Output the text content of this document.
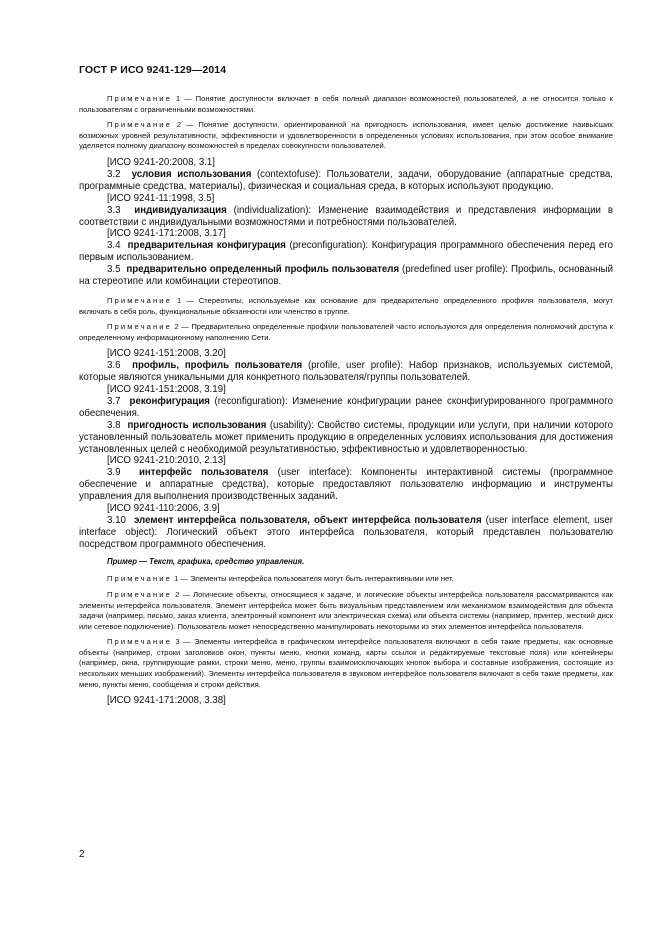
ГОСТ Р ИСО 9241-129—2014

Примечание 1 — Понятие доступности включает в себя полный диапазон возможностей пользователей, а не относится только к пользователям с ограниченными возможностями.

Примечание 2 — Понятие доступности, ориентированной на пригодность использования, имеет целью достижение наивысших возможных уровней результативности, эффективности и удовлетворенности в определенных условиях использования, при этом особое внимание уделяется полному диапазону возможностей в пределах совокупности пользователей.

[ИСО 9241-20:2008, 3.1]

3.2 условия использования (contextofuse): Пользователи, задачи, оборудование (аппаратные средства, программные средства, материалы), физическая и социальная среда, в которых используют продукцию.

[ИСО 9241-11:1998, 3.5]

3.3 индивидуализация (individualization): Изменение взаимодействия и представления информации в соответствии с индивидуальными возможностями и потребностями пользователей.

[ИСО 9241-171:2008, 3.17]

3.4 предварительная конфигурация (preconfiguration): Конфигурация программного обеспечения перед его первым использованием.

3.5 предварительно определенный профиль пользователя (predefined user profile): Профиль, основанный на стереотипе или комбинации стереотипов.

Примечание 1 — Стереотипы, используемые как основание для предварительно определенного профиля пользователя, могут включать в себя роль, функциональные обязанности или членство в группе.

Примечание 2 — Предварительно определенные профили пользователей часто используются для определения полномочий доступа к определенному информационному наполнению Сети.

[ИСО 9241-151:2008, 3.20]

3.6 профиль, профиль пользователя (profile, user profile): Набор признаков, используемых системой, которые являются уникальными для конкретного пользователя/группы пользователей.

[ИСО 9241-151:2008, 3.19]

3.7 реконфигурация (reconfiguration): Изменение конфигурации ранее сконфигурированного программного обеспечения.

3.8 пригодность использования (usability): Свойство системы, продукции или услуги, при наличии которого установленный пользователь может применить продукцию в определенных условиях использования для достижения установленных целей с необходимой результативностью, эффективностью и удовлетворенностью.

[ИСО 9241-210:2010, 2.13]

3.9 интерфейс пользователя (user interface): Компоненты интерактивной системы (программное обеспечение и аппаратные средства), которые предоставляют пользователю информацию и инструменты управления для выполнения производственных заданий.

[ИСО 9241-110:2006, 3.9]

3.10 элемент интерфейса пользователя, объект интерфейса пользователя (user interface element, user interface object): Логический объект этого интерфейса пользователя, который представлен пользователю посредством программного обеспечения.

Пример — Текст, графика, средство управления.

Примечание 1 — Элементы интерфейса пользователя могут быть интерактивными или нет.

Примечание 2 — Логические объекты, относящиеся к задаче, и логические объекты интерфейса пользователя рассматриваются как элементы интерфейса пользователя. Элемент интерфейса может быть визуальным представлением или механизмом взаимодействия для объекта задачи (например, письмо, заказ клиента, электронный компонент или электрическая схема) или объекта системы (например, принтер, жесткий диск или сетевое подключение). Пользователь может непосредственно манипулировать некоторыми из этих элементов интерфейса пользователя.

Примечание 3 — Элементы интерфейса в графическом интерфейсе пользователя включают в себя такие предметы, как основные объекты (например, строки заголовков окон, пункты меню, кнопки команд, карты ссылок и редактируемые текстовые поля) или контейнеры (например, окна, группирующие рамки, строки меню, меню, группы взаимоисключающих кнопок выбора и составные изображения, состоящие из нескольких меньших изображений). Элементы интерфейса пользователя в звуковом интерфейсе пользователя включают в себя такие предметы, как меню, пункты меню, сообщения и строки действия.

[ИСО 9241-171:2008, 3.38]

2
